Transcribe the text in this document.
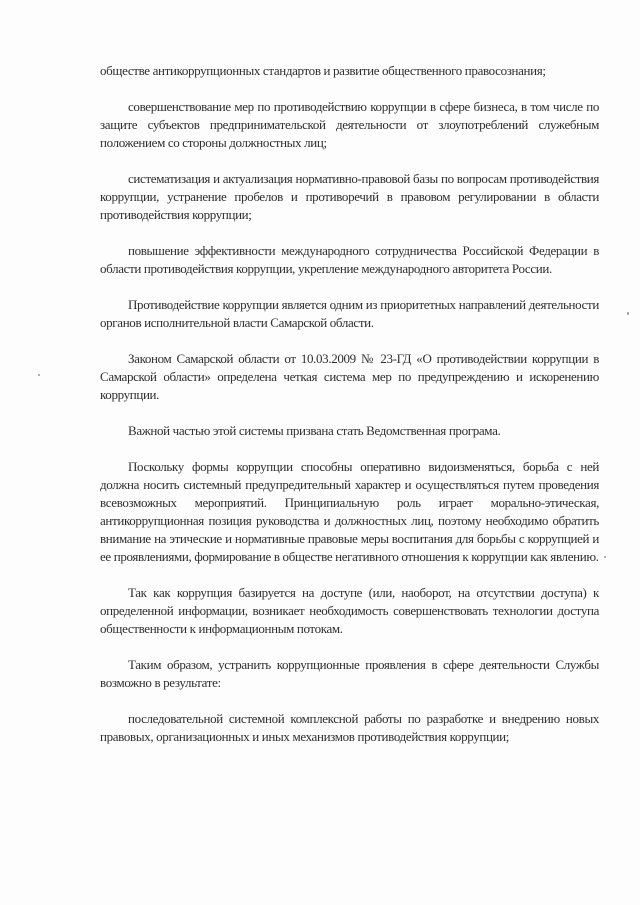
обществе антикоррупционных стандартов и развитие общественного правосознания;

совершенствование мер по противодействию коррупции в сфере бизнеса, в том числе по защите субъектов предпринимательской деятельности от злоупотреблений служебным положением со стороны должностных лиц;

систематизация и актуализация нормативно-правовой базы по вопросам противодействия коррупции, устранение пробелов и противоречий в правовом регулировании в области противодействия коррупции;

повышение эффективности международного сотрудничества Российской Федерации в области противодействия коррупции, укрепление международного авторитета России.

Противодействие коррупции является одним из приоритетных направлений деятельности органов исполнительной власти Самарской области.

Законом Самарской области от 10.03.2009 № 23-ГД «О противодействии коррупции в Самарской области» определена четкая система мер по предупреждению и искоренению коррупции.

Важной частью этой системы призвана стать Ведомственная програма.

Поскольку формы коррупции способны оперативно видоизменяться, борьба с ней должна носить системный предупредительный характер и осуществляться путем проведения всевозможных мероприятий. Принципиальную роль играет морально-этическая, антикоррупционная позиция руководства и должностных лиц, поэтому необходимо обратить внимание на этические и нормативные правовые меры воспитания для борьбы с коррупцией и ее проявлениями, формирование в обществе негативного отношения к коррупции как явлению.

Так как коррупция базируется на доступе (или, наоборот, на отсутствии доступа) к определенной информации, возникает необходимость совершенствовать технологии доступа общественности к информационным потокам.

Таким образом, устранить коррупционные проявления в сфере деятельности Службы возможно в результате:

последовательной системной комплексной работы по разработке и внедрению новых правовых, организационных и иных механизмов противодействия коррупции;
